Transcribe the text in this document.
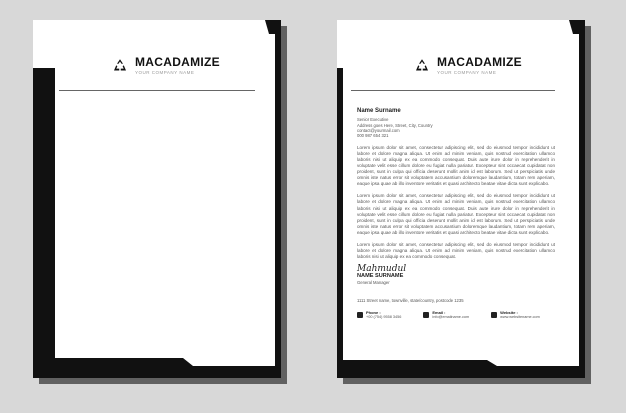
MACADAMIZE
YOUR COMPANY NAME
MACADAMIZE
YOUR COMPANY NAME
Name Surname
Senior Executive
Address goes Here, Street, City, Country
contact@yourmail.com
000 987 654 321

Lorem ipsum dolor sit amet, consectetur adipiscing elit, sed do eiusmod tempor incididunt ut labore et dolore magna aliqua. Ut enim ad minim veniam, quis nostrud exercitation ullamco laboris nisi ut aliquip ex ea commodo consequat. Duis aute irure dolor in reprehenderit in voluptate velit esse cillum dolore eu fugiat nulla pariatur. Excepteur sint occaecat cupidatat non proident, sunt in culpa qui officia deserunt mollit anim id est laborum. Sed ut perspiciatis unde omnis iste natus error sit voluptatem accusantium doloremque laudantium, totam rem aperiam, eaque ipsa quae ab illo inventore veritatis et quasi architecto beatae vitae dicta sunt explicabo.

Lorem ipsum dolor sit amet, consectetur adipiscing elit, sed do eiusmod tempor incididunt ut labore et dolore magna aliqua. Ut enim ad minim veniam, quis nostrud exercitation ullamco laboris nisi ut aliquip ex ea commodo consequat. Duis aute irure dolor in reprehenderit in voluptate velit esse cillum dolore eu fugiat nulla pariatur. Excepteur sint occaecat cupidatat non proident, sunt in culpa qui officia deserunt mollit anim id est laborum. Sed ut perspiciatis unde omnis iste natus error sit voluptatem accusantium doloremque laudantium, totam rem aperiam, eaque ipsa quae ab illo inventore veritatis et quasi architecto beatae vitae dicta sunt explicabo.

Lorem ipsum dolor sit amet, consectetur adipiscing elit, sed do eiusmod tempor incididunt ut labore et dolore magna aliqua. Ut enim ad minim veniam, quis nostrud exercitation ullamco laboris nisi ut aliquip ex ea commodo consequat.

Mahmudul
NAME SURNAME
General Manager
1111 Street name, townville, state/country, postcode 1235
Phone :
+00 (754) 9558 3456
Email :
info@emailname.com
Website :
www.websitename.com
